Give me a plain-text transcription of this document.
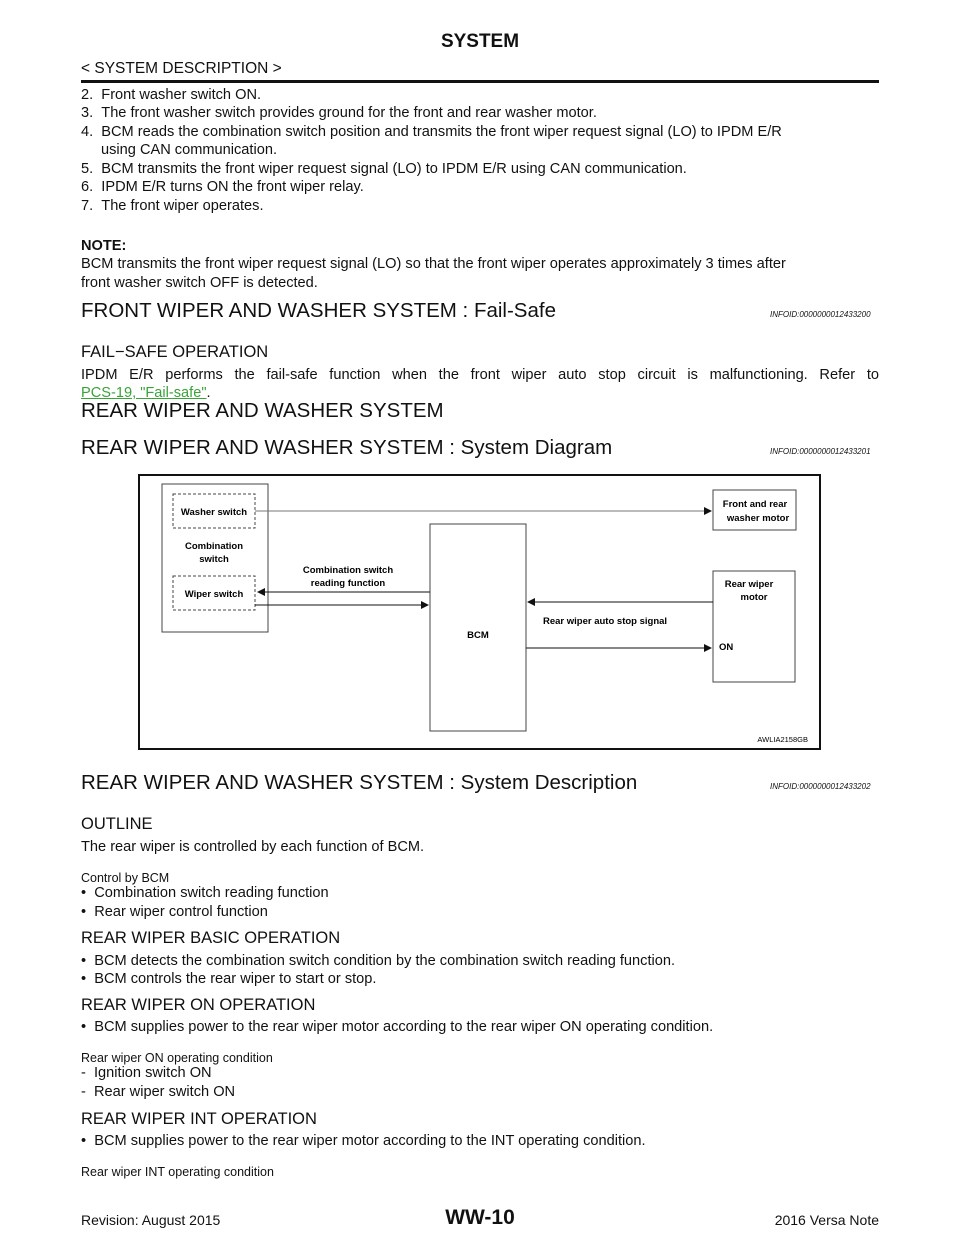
SYSTEM
< SYSTEM DESCRIPTION >
2. Front washer switch ON.
3. The front washer switch provides ground for the front and rear washer motor.
4. BCM reads the combination switch position and transmits the front wiper request signal (LO) to IPDM E/R
using CAN communication.
5. BCM transmits the front wiper request signal (LO) to IPDM E/R using CAN communication.
6. IPDM E/R turns ON the front wiper relay.
7. The front wiper operates.
NOTE:
BCM transmits the front wiper request signal (LO) so that the front wiper operates approximately 3 times after
front washer switch OFF is detected.
FRONT WIPER AND WASHER SYSTEM : Fail-Safe	INFOID:0000000012433200
FAIL−SAFE OPERATION
IPDM E/R performs the fail-safe function when the front wiper auto stop circuit is malfunctioning. Refer to
PCS-19, "Fail-safe".
REAR WIPER AND WASHER SYSTEM
REAR WIPER AND WASHER SYSTEM : System Diagram	INFOID:0000000012433201
Washer switch
Combination
switch
Wiper switch
BCM
Front and rear
washer motor
Rear wiper
motor
ON
Combination switch
reading function
Rear wiper auto stop signal
AWLIA2158GB
REAR WIPER AND WASHER SYSTEM : System Description	INFOID:0000000012433202
OUTLINE
The rear wiper is controlled by each function of BCM.
Control by BCM
•  Combination switch reading function
•  Rear wiper control function
REAR WIPER BASIC OPERATION
•  BCM detects the combination switch condition by the combination switch reading function.
•  BCM controls the rear wiper to start or stop.
REAR WIPER ON OPERATION
•  BCM supplies power to the rear wiper motor according to the rear wiper ON operating condition.
Rear wiper ON operating condition
-  Ignition switch ON
-  Rear wiper switch ON
REAR WIPER INT OPERATION
•  BCM supplies power to the rear wiper motor according to the INT operating condition.
Rear wiper INT operating condition
Revision: August 2015	WW-10	2016 Versa Note
